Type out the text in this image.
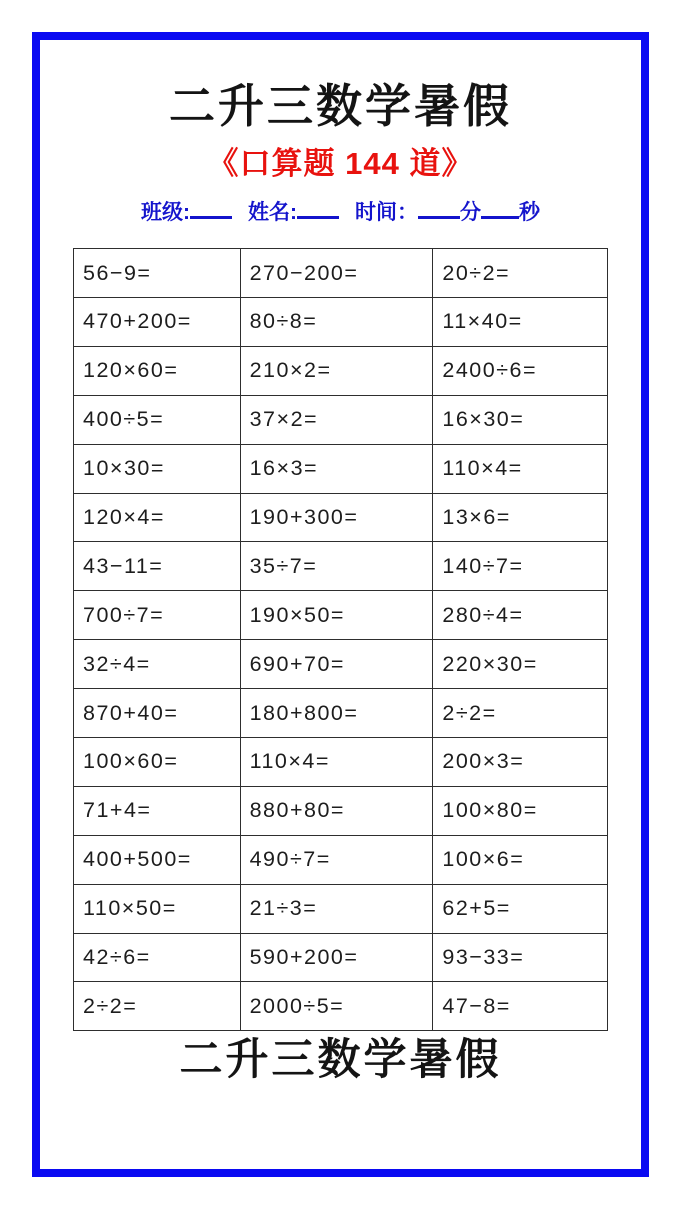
二升三数学暑假
《口算题 144 道》
班级:	姓名:	时间： 分 秒
56−9=	270−200=	20÷2=
470+200=	80÷8=	11×40=
120×60=	210×2=	2400÷6=
400÷5=	37×2=	16×30=
10×30=	16×3=	110×4=
120×4=	190+300=	13×6=
43−11=	35÷7=	140÷7=
700÷7=	190×50=	280÷4=
32÷4=	690+70=	220×30=
870+40=	180+800=	2÷2=
100×60=	110×4=	200×3=
71+4=	880+80=	100×80=
400+500=	490÷7=	100×6=
110×50=	21÷3=	62+5=
42÷6=	590+200=	93−33=
2÷2=	2000÷5=	47−8=
二升三数学暑假
